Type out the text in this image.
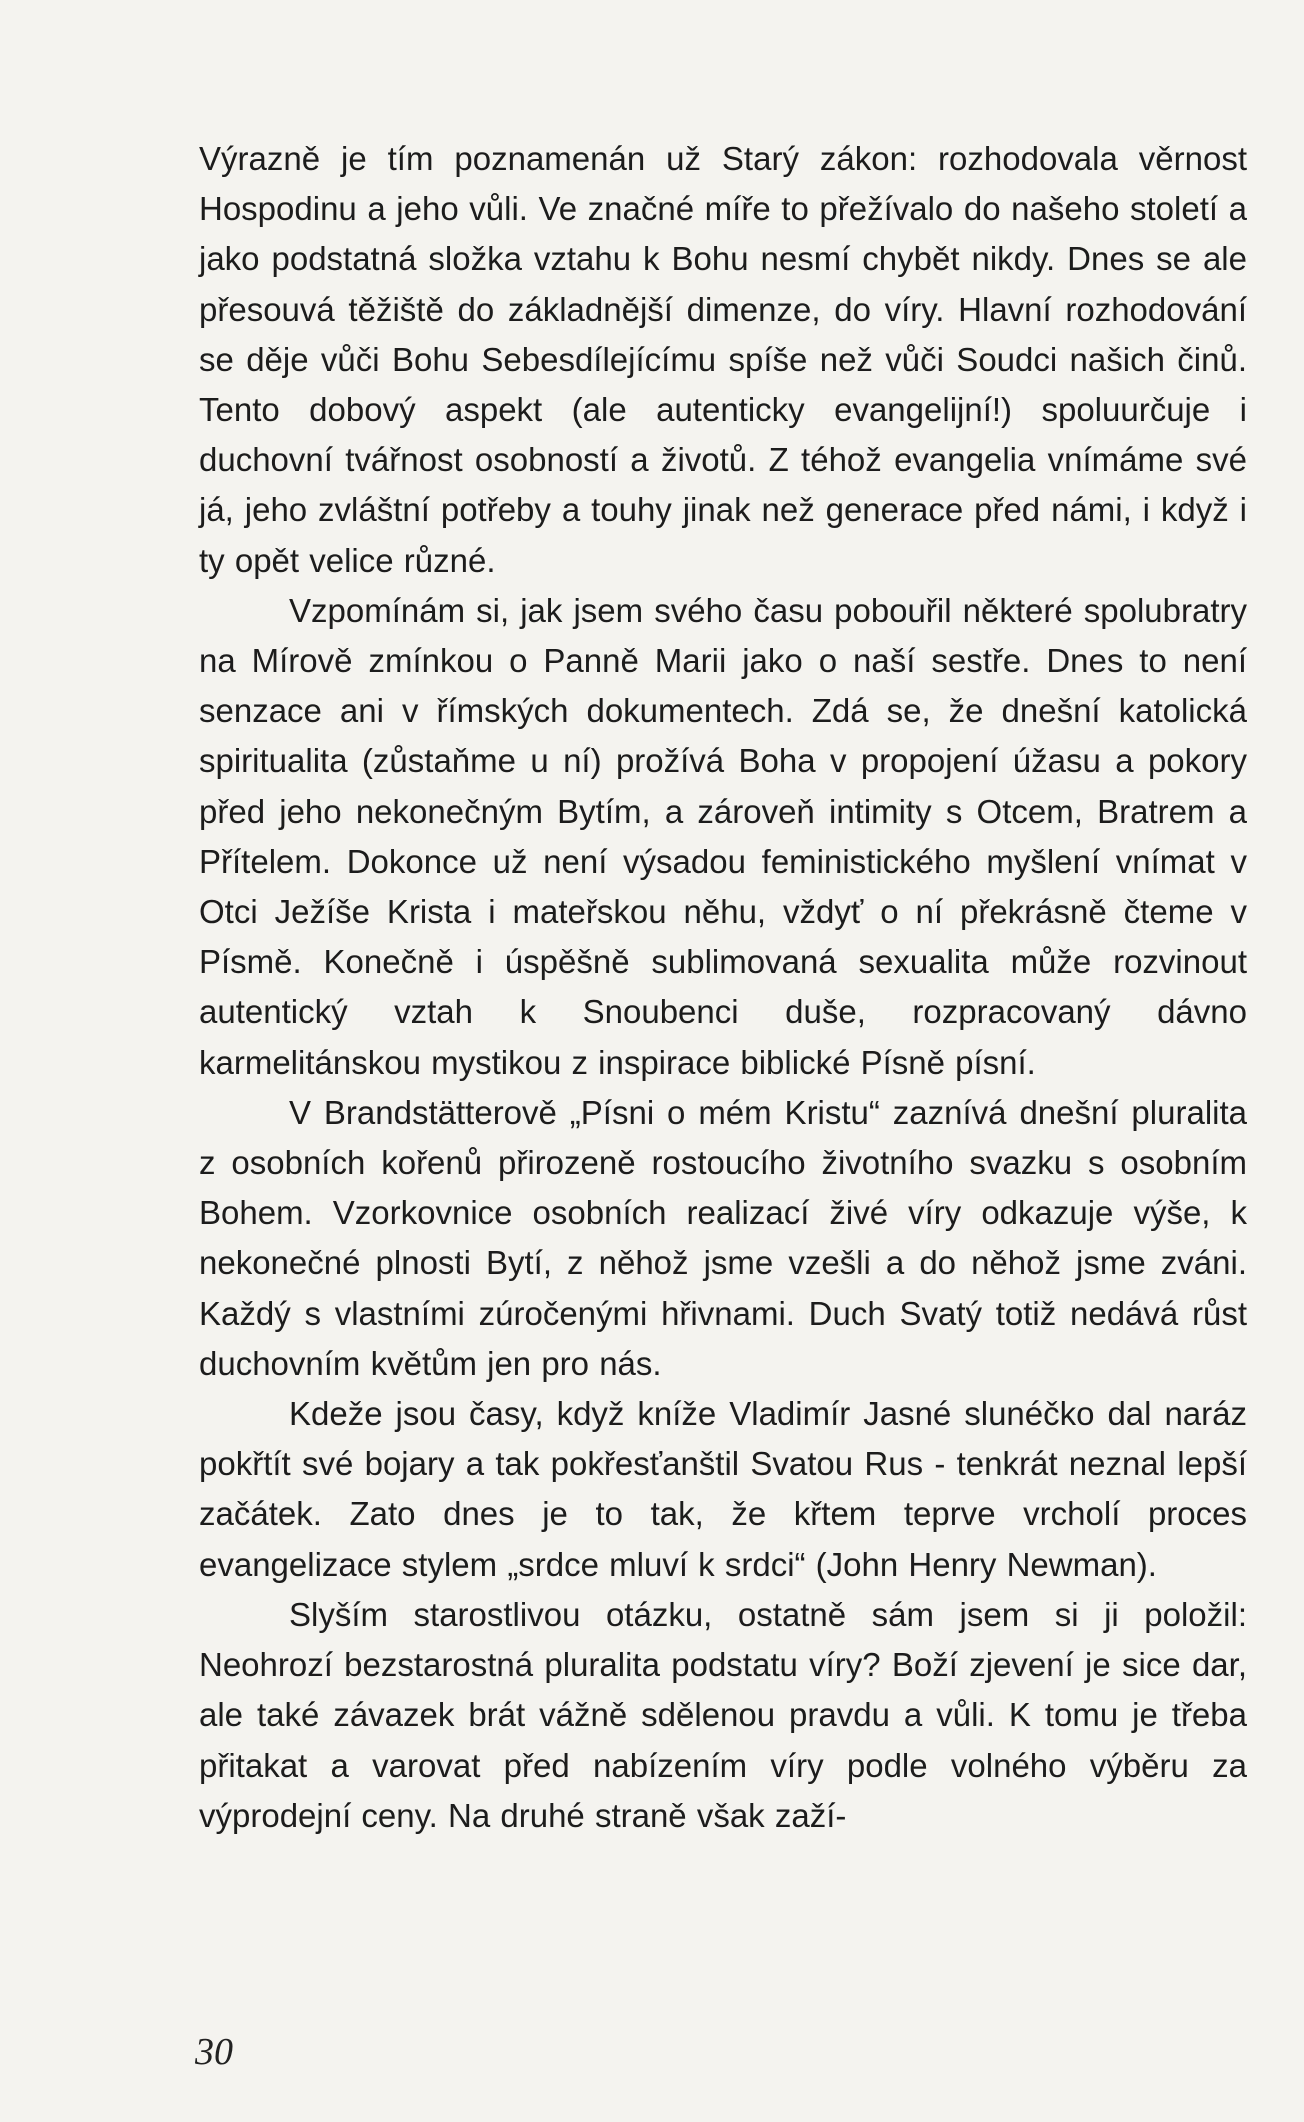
Výrazně je tím poznamenán už Starý zákon: rozhodovala věrnost Hospodinu a jeho vůli. Ve značné míře to přežívalo do našeho století a jako podstatná složka vztahu k Bohu nesmí chybět nikdy. Dnes se ale přesouvá těžiště do základnější dimenze, do víry. Hlavní rozhodování se děje vůči Bohu Sebesdílejícímu spíše než vůči Soudci našich činů. Tento dobový aspekt (ale autenticky evangelijní!) spoluurčuje i duchovní tvářnost osobností a životů. Z téhož evangelia vnímáme své já, jeho zvláštní potřeby a touhy jinak než generace před námi, i když i ty opět velice různé.

Vzpomínám si, jak jsem svého času pobouřil některé spolubratry na Mírově zmínkou o Panně Marii jako o naší sestře. Dnes to není senzace ani v římských dokumentech. Zdá se, že dnešní katolická spiritualita (zůstaňme u ní) prožívá Boha v propojení úžasu a pokory před jeho nekonečným Bytím, a zároveň intimity s Otcem, Bratrem a Přítelem. Dokonce už není výsadou feministického myšlení vnímat v Otci Ježíše Krista i mateřskou něhu, vždyť o ní překrásně čteme v Písmě. Konečně i úspěšně sublimovaná sexualita může rozvinout autentický vztah k Snoubenci duše, rozpracovaný dávno karmelitánskou mystikou z inspirace biblické Písně písní.

V Brandstätterově „Písni o mém Kristu“ zaznívá dnešní pluralita z osobních kořenů přirozeně rostoucího životního svazku s osobním Bohem. Vzorkovnice osobních realizací živé víry odkazuje výše, k nekonečné plnosti Bytí, z něhož jsme vzešli a do něhož jsme zváni. Každý s vlastními zúročenými hřivnami. Duch Svatý totiž nedává růst duchovním květům jen pro nás.

Kdeže jsou časy, když kníže Vladimír Jasné slunéčko dal naráz pokřtít své bojary a tak pokřesťanštil Svatou Rus - tenkrát neznal lepší začátek. Zato dnes je to tak, že křtem teprve vrcholí proces evangelizace stylem „srdce mluví k srdci“ (John Henry Newman).

Slyším starostlivou otázku, ostatně sám jsem si ji položil: Neohrozí bezstarostná pluralita podstatu víry? Boží zjevení je sice dar, ale také závazek brát vážně sdělenou pravdu a vůli. K tomu je třeba přitakat a varovat před nabízením víry podle volného výběru za výprodejní ceny. Na druhé straně však zaží-

30
